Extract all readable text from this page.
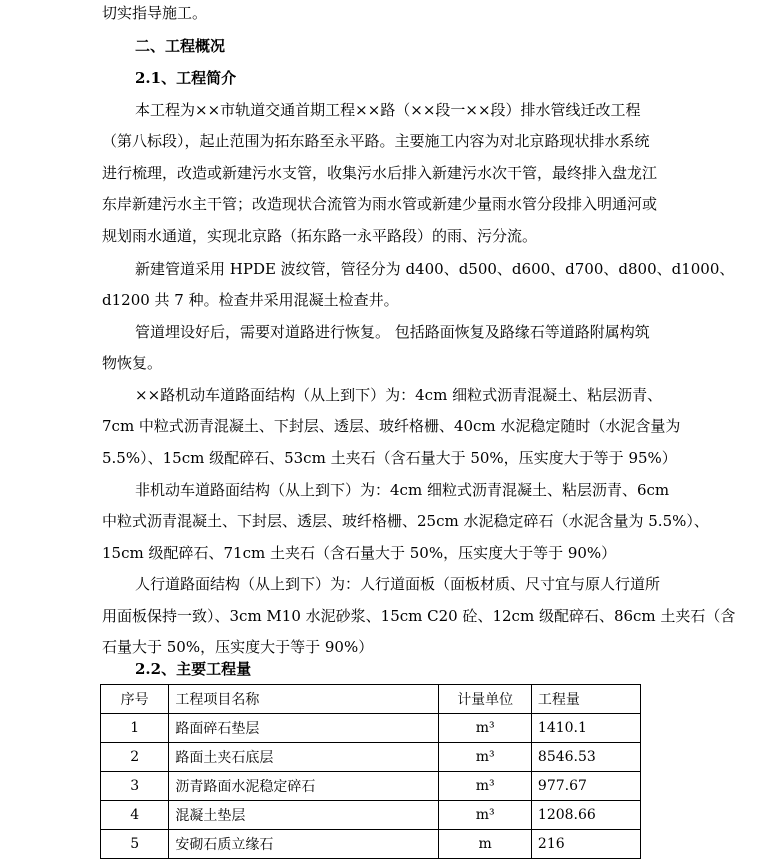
切实指导施工。
二、工程概况
2.1、工程简介
本工程为××市轨道交通首期工程××路（××段一××段）排水管线迁改工程
（第八标段），起止范围为拓东路至永平路。主要施工内容为对北京路现状排水系统
进行梳理，改造或新建污水支管，收集污水后排入新建污水次干管，最终排入盘龙江
东岸新建污水主干管；改造现状合流管为雨水管或新建少量雨水管分段排入明通河或
规划雨水通道，实现北京路（拓东路一永平路段）的雨、污分流。
新建管道采用 HPDE 波纹管，管径分为 d400、d500、d600、d700、d800、d1000、
d1200 共 7 种。检查井采用混凝土检查井。
管道埋设好后，需要对道路进行恢复。 包括路面恢复及路缘石等道路附属构筑
物恢复。
××路机动车道路面结构（从上到下）为：4cm 细粒式沥青混凝土、粘层沥青、
7cm 中粒式沥青混凝土、下封层、透层、玻纤格栅、40cm 水泥稳定随时（水泥含量为
5.5%）、15cm 级配碎石、53cm 土夹石（含石量大于 50%，压实度大于等于 95%）
非机动车道路面结构（从上到下）为：4cm 细粒式沥青混凝土、粘层沥青、6cm
中粒式沥青混凝土、下封层、透层、玻纤格栅、25cm 水泥稳定碎石（水泥含量为 5.5%）、
15cm 级配碎石、71cm 土夹石（含石量大于 50%，压实度大于等于 90%）
人行道路面结构（从上到下）为：人行道面板（面板材质、尺寸宜与原人行道所
用面板保持一致）、3cm M10 水泥砂浆、15cm C20 砼、12cm 级配碎石、86cm 土夹石（含
石量大于 50%，压实度大于等于 90%）
2.2、主要工程量
序号	工程项目名称	计量单位	工程量
1	路面碎石垫层	m³	1410.1
2	路面土夹石底层	m³	8546.53
3	沥青路面水泥稳定碎石	m³	977.67
4	混凝土垫层	m³	1208.66
5	安砌石质立缘石	m	216
